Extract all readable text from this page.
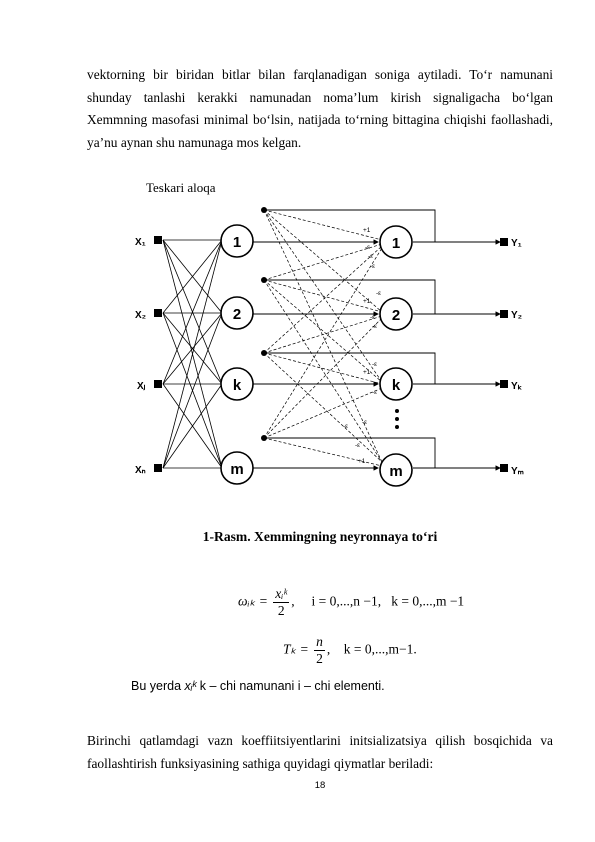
vektorning bir biridan bitlar bilan farqlanadigan soniga aytiladi. To‘r namunani shunday tanlashi kerakki namunadan noma’lum kirish signaligacha bo‘lgan Xemmning masofasi minimal bo‘lsin, natijada to‘rning bittagina chiqishi faollashadi, ya’nu aynan shu namunaga mos kelgan.

Teskari aloqa
+1
+1
+1
+1
-ε
-ε
-ε
-ε
-ε
-ε
-ε
-ε
-ε
-ε
-ε
X₁
X₂
Xⱼ
Xₙ
Y₁
Y₂
Yₖ
Yₘ
1
2
k
m
1
2
k
m
1-Rasm. Xemmingning neyronnaya to‘ri
ωᵢₖ = $\frac{\text{xᵢᵏ}}{2}$ ,     i = 0,...,n −1, k = 0,...,m −1
$T_k = \frac{n}{2}$ ,    k = 0,...,m−1.
Bu yerda xᵢᵏ k – chi namunani i – chi elementi.

Birinchi qatlamdagi vazn koeffiitsiyentlarini initsializatsiya qilish bosqichida va faollashtirish funksiyasining sathiga quyidagi qiymatlar beriladi:

18
